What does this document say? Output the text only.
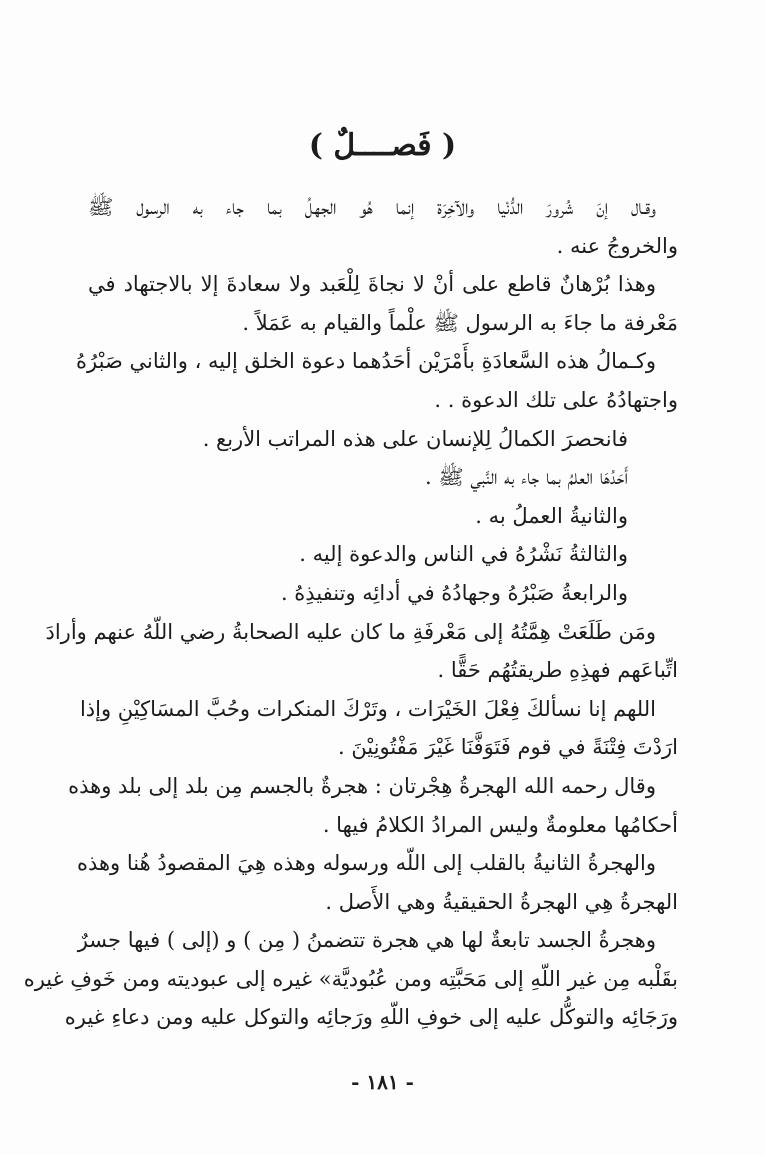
( فَصــــلٌ )
وقـال إنَ شُرورَ الدُّنْيا والآخِرَة إنما هُو الجهلُ بما جاء به الرسول ﷺ
والخروجُ عنه .
وهذا بُرْهانٌ قاطع على أنْ لا نجاةَ لِلْعَبد ولا سعادةَ إلا بالاجتهاد في
مَعْرفة ما جاءَ به الرسول ﷺ علْماً والقيام به عَمَلاً .
وكـمالُ هذه السَّعادَةِ بأَمْرَيْن أحَدُهما دعوة الخلق إليه ، والثاني صَبْرُهُ
واجتهادُهُ على تلك الدعوة . .
فانحصرَ الكمالُ لِلإنسان على هذه المراتب الأربع .
أَحَدُهَا العلمُ بما جاء به النَّبي ﷺ .
والثانيةُ العملُ به .
والثالثةُ نَشْرُهُ في الناس والدعوة إليه .
والرابعةُ صَبْرُهُ وجهادُهُ في أدائِه وتنفيذِهُ .
ومَن طَلَعَتْ هِمَّتُهُ إلى مَعْرفَةِ ما كان عليه الصحابةُ رضي اللّهُ عنهم وأرادَ
اتِّباعَهم فهذِهِ طريقتُهُم حَقًّا .
اللهم إنا نسألكَ فِعْلَ الخَيْرَات ، وتَرْكَ المنكرات وحُبَّ المسَاكِيْنِ وإذا
ارَدْتَ فِتْنَةً في قوم فَتَوَفَّنَا غَيْرَ مَفْتُونِيْنَ .
وقال رحمه الله الهجرةُ هِجْرتان : هجرةٌ بالجسم مِن بلد إلى بلد وهذه
أحكامُها معلومةٌ وليس المرادُ الكلامُ فيها .
والهجرةُ الثانيةُ بالقلب إلى اللّه ورسوله وهذه هِيَ المقصودُ هُنا وهذه
الهجرةُ هِي الهجرةُ الحقيقيةُ وهي الأَصل .
وهجرةُ الجسد تابعةٌ لها هي هجرة تتضمنُ ( مِن ) و (إلى ) فيها جسرٌ
بقَلْبه مِن غير اللّهِ إلى مَحَبَّتِه ومن عُبُوديَّة» غيره إلى عبوديته ومن خَوفِ غيره
ورَجَائِه والتوكُّل عليه إلى خوفِ اللّهِ ورَجائِه والتوكل عليه ومن دعاءِ غيره
- ١٨١ -
